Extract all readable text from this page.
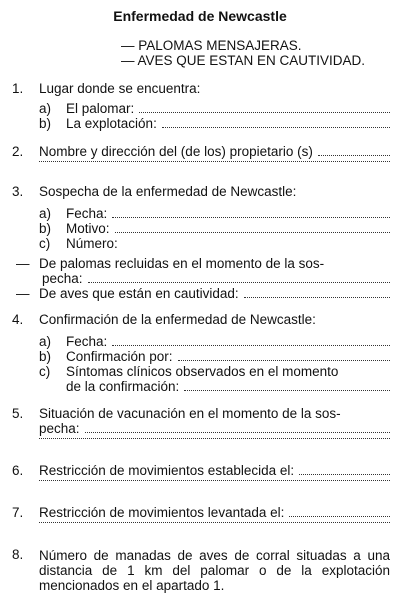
Enfermedad de Newcastle
— PALOMAS MENSAJERAS.
— AVES QUE ESTAN EN CAUTIVIDAD.
1. Lugar donde se encuentra:
a) El palomar:
b) La explotación:
2. Nombre y dirección del (de los) propietario (s)
3. Sospecha de la enfermedad de Newcastle:
a) Fecha:
b) Motivo:
c) Número:
— De palomas recluidas en el momento de la sos-
pecha:
— De aves que están en cautividad:
4. Confirmación de la enfermedad de Newcastle:
a) Fecha:
b) Confirmación por:
c) Síntomas clínicos observados en el momento
de la confirmación:
5. Situación de vacunación en el momento de la sos-
pecha:
6. Restricción de movimientos establecida el:
7. Restricción de movimientos levantada el:
8. Número de manadas de aves de corral situadas a una distancia de 1 km del palomar o de la explotación mencionados en el apartado 1.
